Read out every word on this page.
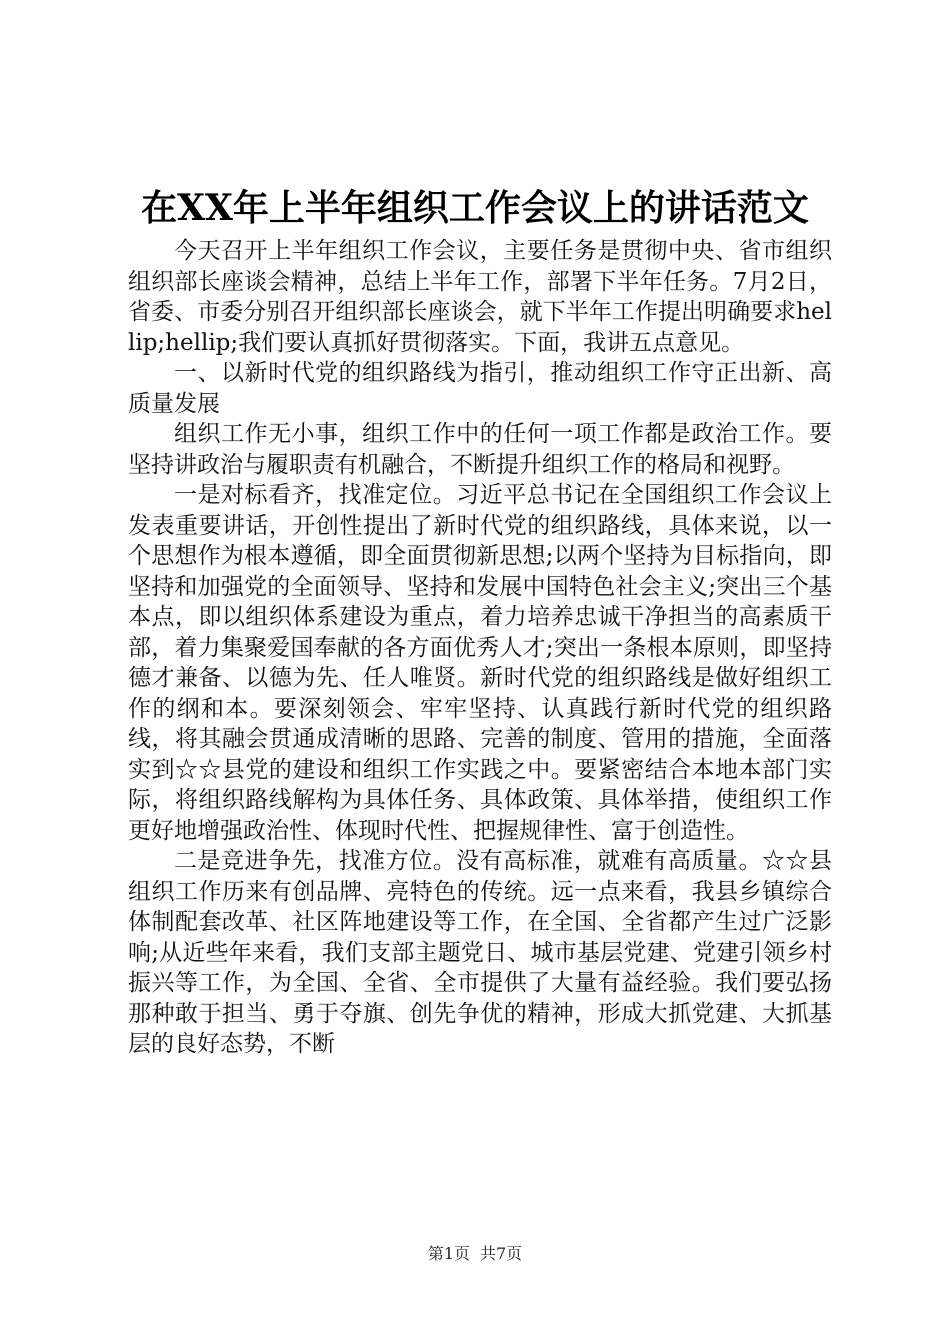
在XX年上半年组织工作会议上的讲话范文

今天召开上半年组织工作会议，主要任务是贯彻中央、省市组织组织部长座谈会精神，总结上半年工作，部署下半年任务。7月2日，省委、市委分别召开组织部长座谈会，就下半年工作提出明确要求hellip;hellip;我们要认真抓好贯彻落实。下面，我讲五点意见。

一、以新时代党的组织路线为指引，推动组织工作守正出新、高质量发展

组织工作无小事，组织工作中的任何一项工作都是政治工作。要坚持讲政治与履职责有机融合，不断提升组织工作的格局和视野。

一是对标看齐，找准定位。习近平总书记在全国组织工作会议上发表重要讲话，开创性提出了新时代党的组织路线，具体来说，以一个思想作为根本遵循，即全面贯彻新思想;以两个坚持为目标指向，即坚持和加强党的全面领导、坚持和发展中国特色社会主义;突出三个基本点，即以组织体系建设为重点，着力培养忠诚干净担当的高素质干部，着力集聚爱国奉献的各方面优秀人才;突出一条根本原则，即坚持德才兼备、以德为先、任人唯贤。新时代党的组织路线是做好组织工作的纲和本。要深刻领会、牢牢坚持、认真践行新时代党的组织路线，将其融会贯通成清晰的思路、完善的制度、管用的措施，全面落实到☆☆县党的建设和组织工作实践之中。要紧密结合本地本部门实际，将组织路线解构为具体任务、具体政策、具体举措，使组织工作更好地增强政治性、体现时代性、把握规律性、富于创造性。

二是竞进争先，找准方位。没有高标准，就难有高质量。☆☆县组织工作历来有创品牌、亮特色的传统。远一点来看，我县乡镇综合体制配套改革、社区阵地建设等工作，在全国、全省都产生过广泛影响;从近些年来看，我们支部主题党日、城市基层党建、党建引领乡村振兴等工作，为全国、全省、全市提供了大量有益经验。我们要弘扬那种敢于担当、勇于夺旗、创先争优的精神，形成大抓党建、大抓基层的良好态势，不断

第1页 共7页
